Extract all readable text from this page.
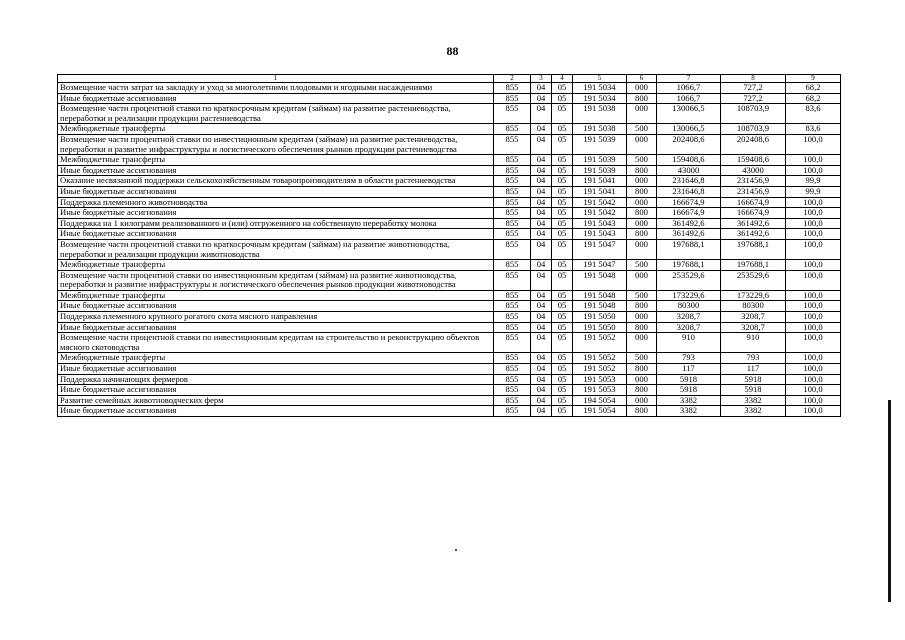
88
1	2	3	4	5	6	7	8	9
Возмещение части затрат на закладку и уход за многолетними плодовыми и ягодными насаждениями	855	04	05	191 5034	000	1066,7	727,2	68,2
Иные бюджетные ассигнования	855	04	05	191 5034	800	1066,7	727,2	68,2
Возмещение части процентной ставки по краткосрочным кредитам (займам) на развитие растениеводства, переработки и реализации продукции растениеводства	855	04	05	191 5038	000	130066,5	108703,9	83,6
Межбюджетные трансферты	855	04	05	191 5038	500	130066,5	108703,9	83,6
Возмещение части процентной ставки по инвестиционным кредитам (займам) на развитие растениеводства, переработки и развитие инфраструктуры и логистического обеспечения рынков продукции растениеводства	855	04	05	191 5039	000	202408,6	202408,6	100,0
Межбюджетные трансферты	855	04	05	191 5039	500	159408,6	159408,6	100,0
Иные бюджетные ассигнования	855	04	05	191 5039	800	43000	43000	100,0
Оказание несвязанной поддержки сельскохозяйственным товаропроизводителям в области растениеводства	855	04	05	191 5041	000	231646,8	231456,9	99,9
Иные бюджетные ассигнования	855	04	05	191 5041	800	231646,8	231456,9	99,9
Поддержка племенного животноводства	855	04	05	191 5042	000	166674,9	166674,9	100,0
Иные бюджетные ассигнования	855	04	05	191 5042	800	166674,9	166674,9	100,0
Поддержка на 1 килограмм реализованного и (или) отгруженного на собственную переработку молока	855	04	05	191 5043	000	361492,6	361492,6	100,0
Иные бюджетные ассигнования	855	04	05	191 5043	800	361492,6	361492,6	100,0
Возмещение части процентной ставки по краткосрочным кредитам (займам) на развитие животноводства, переработки и реализации продукции животноводства	855	04	05	191 5047	000	197688,1	197688,1	100,0
Межбюджетные трансферты	855	04	05	191 5047	500	197688,1	197688,1	100,0
Возмещение части процентной ставки по инвестиционным кредитам (займам) на развитие животноводства, переработки и развитие инфраструктуры и логистического обеспечения рынков продукции животноводства	855	04	05	191 5048	000	253529,6	253529,6	100,0
Межбюджетные трансферты	855	04	05	191 5048	500	173229,6	173229,6	100,0
Иные бюджетные ассигнования	855	04	05	191 5048	800	80300	80300	100,0
Поддержка племенного крупного рогатого скота мясного направления	855	04	05	191 5050	000	3208,7	3208,7	100,0
Иные бюджетные ассигнования	855	04	05	191 5050	800	3208,7	3208,7	100,0
Возмещение части процентной ставки по инвестиционным кредитам на строительство и реконструкцию объектов мясного скотоводства	855	04	05	191 5052	000	910	910	100,0
Межбюджетные трансферты	855	04	05	191 5052	500	793	793	100,0
Иные бюджетные ассигнования	855	04	05	191 5052	800	117	117	100,0
Поддержка начинающих фермеров	855	04	05	191 5053	000	5918	5918	100,0
Иные бюджетные ассигнования	855	04	05	191 5053	800	5918	5918	100,0
Развитие семейных животноводческих ферм	855	04	05	194 5054	000	3382	3382	100,0
Иные бюджетные ассигнования	855	04	05	191 5054	800	3382	3382	100,0
